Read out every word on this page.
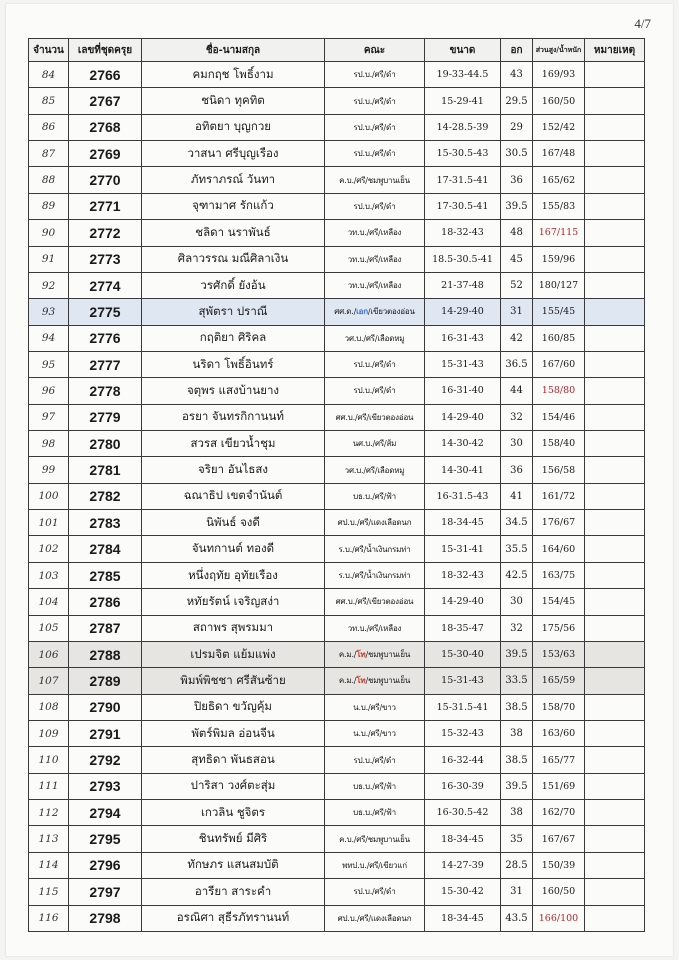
4/7
จำนวน	เลขที่ชุดครุย	ชื่อ-นามสกุล	คณะ	ขนาด	อก	ส่วนสูง/น้ำหนัก	หมายเหตุ
84	2766	คมกฤช โพธิ์งาม	รป.บ./ศรี/ดำ	19-33-44.5	43	169/93	
85	2767	ชนิดา ทุคทิต	รป.บ./ศรี/ดำ	15-29-41	29.5	160/50	
86	2768	อทิตยา บุญกวย	รป.บ./ศรี/ดำ	14-28.5-39	29	152/42	
87	2769	วาสนา ศรีบุญเรือง	รป.บ./ศรี/ดำ	15-30.5-43	30.5	167/48	
88	2770	ภัทราภรณ์ วันทา	ค.บ./ศรี/ชมพูบานเย็น	17-31.5-41	36	165/62	
89	2771	จุฑามาศ รักแก้ว	รป.บ./ศรี/ดำ	17-30.5-41	39.5	155/83	
90	2772	ชลิดา นราพันธ์	วท.บ./ศรี/เหลือง	18-32-43	48	167/115	
91	2773	ศิลาวรรณ มณีศิลาเงิน	วท.บ./ศรี/เหลือง	18.5-30.5-41	45	159/96	
92	2774	วรศักดิ์ ยังอ้น	วท.บ./ศรี/เหลือง	21-37-48	52	180/127	
93	2775	สุพัตรา ปราณี	ศศ.ด./เอก/เขียวตองอ่อน	14-29-40	31	155/45	
94	2776	กฤติยา ศิริคล	วศ.บ./ศรี/เลือดหมู	16-31-43	42	160/85	
95	2777	นริดา โพธิ์อินทร์	รป.บ./ศรี/ดำ	15-31-43	36.5	167/60	
96	2778	จตุพร แสงบ้านยาง	รป.บ./ศรี/ดำ	16-31-40	44	158/80	
97	2779	อรยา จันทรกิกานนท์	ศศ.บ./ศรี/เขียวตองอ่อน	14-29-40	32	154/46	
98	2780	สวรส เขียวน้ำชุม	นศ.บ./ศรี/ส้ม	14-30-42	30	158/40	
99	2781	จริยา อันไธสง	วศ.บ./ศรี/เลือดหมู	14-30-41	36	156/58	
100	2782	ฉณาธิป เขตจำนันต์	บธ.บ./ศรี/ฟ้า	16-31.5-43	41	161/72	
101	2783	นิพันธ์ จงดี	ศป.บ./ศรี/แดงเลือดนก	18-34-45	34.5	176/67	
102	2784	จันทกานต์ ทองดี	ร.บ./ศรี/น้ำเงินกรมท่า	15-31-41	35.5	164/60	
103	2785	หนึ่งฤทัย อุทัยเรือง	ร.บ./ศรี/น้ำเงินกรมท่า	18-32-43	42.5	163/75	
104	2786	หทัยรัตน์ เจริญสง่า	ศศ.บ./ศรี/เขียวตองอ่อน	14-29-40	30	154/45	
105	2787	สถาพร สุพรมมา	วท.บ./ศรี/เหลือง	18-35-47	32	175/56	
106	2788	เปรมจิต แย้มแพ่ง	ค.ม./โท/ชมพูบานเย็น	15-30-40	39.5	153/63	
107	2789	พิมพ์พิชชา ศรีสันซ้าย	ค.ม./โท/ชมพูบานเย็น	15-31-43	33.5	165/59	
108	2790	ปิยธิดา ขวัญคุ้ม	น.บ./ศรี/ขาว	15-31.5-41	38.5	158/70	
109	2791	พัตร์พิมล อ่อนจีน	น.บ./ศรี/ขาว	15-32-43	38	163/60	
110	2792	สุทธิดา พันธสอน	รป.บ./ศรี/ดำ	16-32-44	38.5	165/77	
111	2793	ปาริสา วงศ์ตะสุ่ม	บธ.บ./ศรี/ฟ้า	16-30-39	39.5	151/69	
112	2794	เกวลิน ชูจิตร	บธ.บ./ศรี/ฟ้า	16-30.5-42	38	162/70	
113	2795	ชินทรัพย์ มีศิริ	ค.บ./ศรี/ชมพูบานเย็น	18-34-45	35	167/67	
114	2796	ทักษภร แสนสมบัติ	พทป.บ./ศรี/เขียวแก่	14-27-39	28.5	150/39	
115	2797	อารียา สาระคำ	รป.บ./ศรี/ดำ	15-30-42	31	160/50	
116	2798	อรณิศา สุธีรภัทรานนท์	ศป.บ./ศรี/แดงเลือดนก	18-34-45	43.5	166/100	
